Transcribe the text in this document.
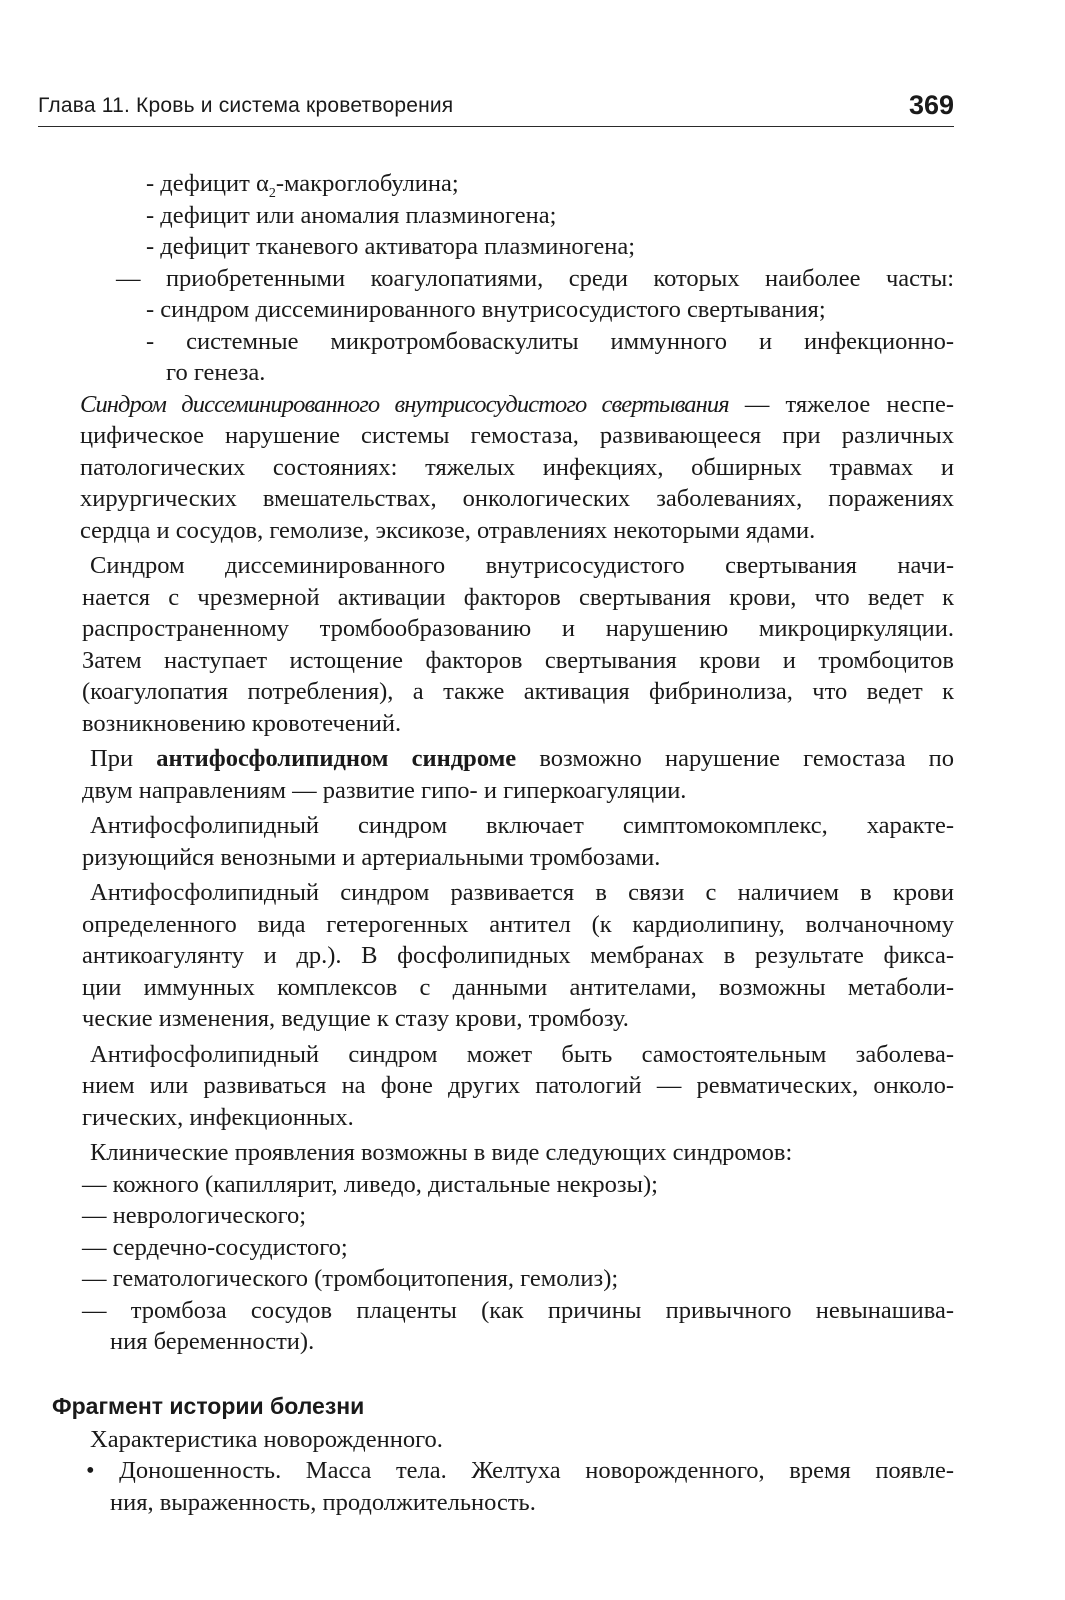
Глава 11. Кровь и система кроветворения	369
- дефицит $\alpha_2$-макроглобулина;
- дефицит или аномалия плазминогена;
- дефицит тканевого активатора плазминогена;
— приобретенными коагулопатиями, среди которых наиболее часты:
- синдром диссеминированного внутрисосудистого свертывания;
- системные микротромбоваскулиты иммунного и инфекционно-
го генеза.
Синдром диссеминированного внутрисосудистого свертывания — тяжелое неспе-
цифическое нарушение системы гемостаза, развивающееся при различных
патологических состояниях: тяжелых инфекциях, обширных травмах и
хирургических вмешательствах, онкологических заболеваниях, поражениях
сердца и сосудов, гемолизе, эксикозе, отравлениях некоторыми ядами.
Синдром диссеминированного внутрисосудистого свертывания начи-
нается с чрезмерной активации факторов свертывания крови, что ведет к
распространенному тромбообразованию и нарушению микроциркуляции.
Затем наступает истощение факторов свертывания крови и тромбоцитов
(коагулопатия потребления), а также активация фибринолиза, что ведет к
возникновению кровотечений.
При антифосфолипидном синдроме возможно нарушение гемостаза по
двум направлениям — развитие гипо- и гиперкоагуляции.
Антифосфолипидный синдром включает симптомокомплекс, характе-
ризующийся венозными и артериальными тромбозами.
Антифосфолипидный синдром развивается в связи с наличием в крови
определенного вида гетерогенных антител (к кардиолипину, волчаночному
антикоагулянту и др.). В фосфолипидных мембранах в результате фикса-
ции иммунных комплексов с данными антителами, возможны метаболи-
ческие изменения, ведущие к стазу крови, тромбозу.
Антифосфолипидный синдром может быть самостоятельным заболева-
нием или развиваться на фоне других патологий — ревматических, онколо-
гических, инфекционных.
Клинические проявления возможны в виде следующих синдромов:
— кожного (капиллярит, ливедо, дистальные некрозы);
— неврологического;
— сердечно-сосудистого;
— гематологического (тромбоцитопения, гемолиз);
— тромбоза сосудов плаценты (как причины привычного невынашива-
ния беременности).
Фрагмент истории болезни
Характеристика новорожденного.
• Доношенность. Масса тела. Желтуха новорожденного, время появле-
ния, выраженность, продолжительность.
